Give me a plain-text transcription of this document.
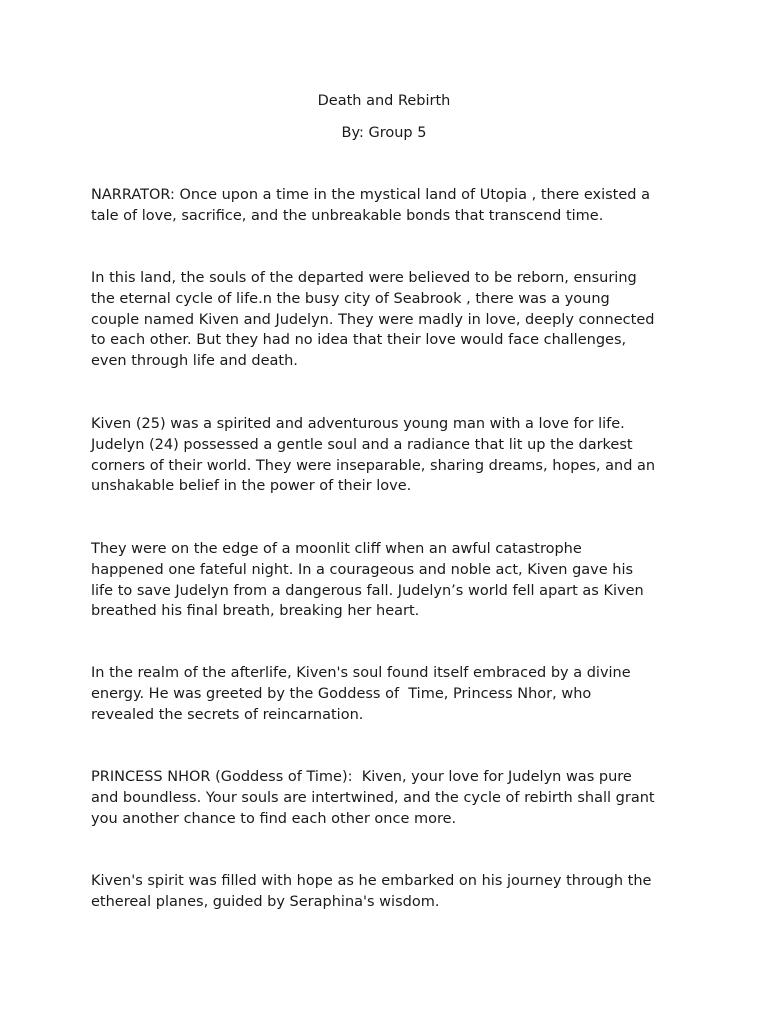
Death and Rebirth

By: Group 5

NARRATOR: Once upon a time in the mystical land of Utopia , there existed a
tale of love, sacrifice, and the unbreakable bonds that transcend time.

In this land, the souls of the departed were believed to be reborn, ensuring
the eternal cycle of life.n the busy city of Seabrook , there was a young
couple named Kiven and Judelyn. They were madly in love, deeply connected
to each other. But they had no idea that their love would face challenges,
even through life and death.

Kiven (25) was a spirited and adventurous young man with a love for life.
Judelyn (24) possessed a gentle soul and a radiance that lit up the darkest
corners of their world. They were inseparable, sharing dreams, hopes, and an
unshakable belief in the power of their love.

They were on the edge of a moonlit cliff when an awful catastrophe
happened one fateful night. In a courageous and noble act, Kiven gave his
life to save Judelyn from a dangerous fall. Judelyn’s world fell apart as Kiven
breathed his final breath, breaking her heart.

In the realm of the afterlife, Kiven's soul found itself embraced by a divine
energy. He was greeted by the Goddess of  Time, Princess Nhor, who
revealed the secrets of reincarnation.

PRINCESS NHOR (Goddess of Time):  Kiven, your love for Judelyn was pure
and boundless. Your souls are intertwined, and the cycle of rebirth shall grant
you another chance to find each other once more.

Kiven's spirit was filled with hope as he embarked on his journey through the
ethereal planes, guided by Seraphina's wisdom.
